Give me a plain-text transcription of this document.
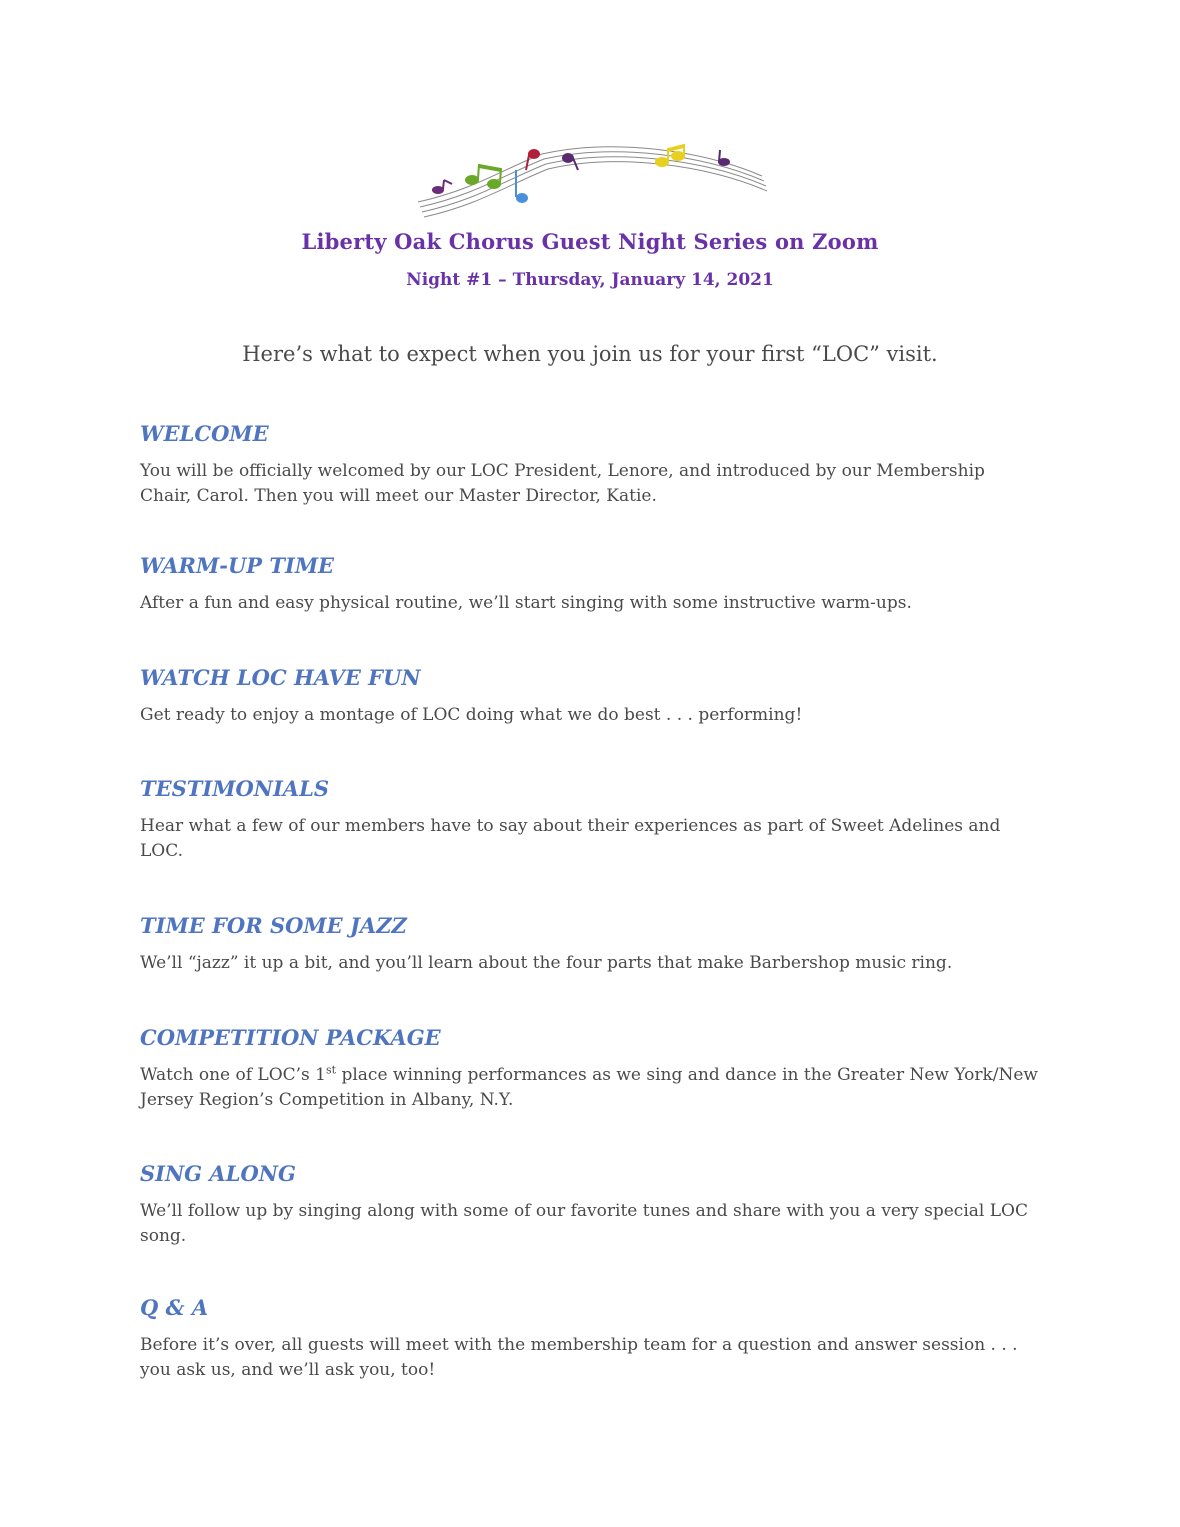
Liberty Oak Chorus Guest Night Series on Zoom
Night #1 – Thursday, January 14, 2021
Here’s what to expect when you join us for your first “LOC” visit.
WELCOME

You will be officially welcomed by our LOC President, Lenore, and introduced by our Membership Chair, Carol. Then you will meet our Master Director, Katie.

WARM-UP TIME

After a fun and easy physical routine, we’ll start singing with some instructive warm-ups.

WATCH LOC HAVE FUN

Get ready to enjoy a montage of LOC doing what we do best . . . performing!

TESTIMONIALS

Hear what a few of our members have to say about their experiences as part of Sweet Adelines and LOC.

TIME FOR SOME JAZZ

We’ll “jazz” it up a bit, and you’ll learn about the four parts that make Barbershop music ring.

COMPETITION PACKAGE

Watch one of LOC’s 1st place winning performances as we sing and dance in the Greater New York/New Jersey Region’s Competition in Albany, N.Y.

SING ALONG

We’ll follow up by singing along with some of our favorite tunes and share with you a very special LOC song.

Q & A

Before it’s over, all guests will meet with the membership team for a question and answer session . . . you ask us, and we’ll ask you, too!
